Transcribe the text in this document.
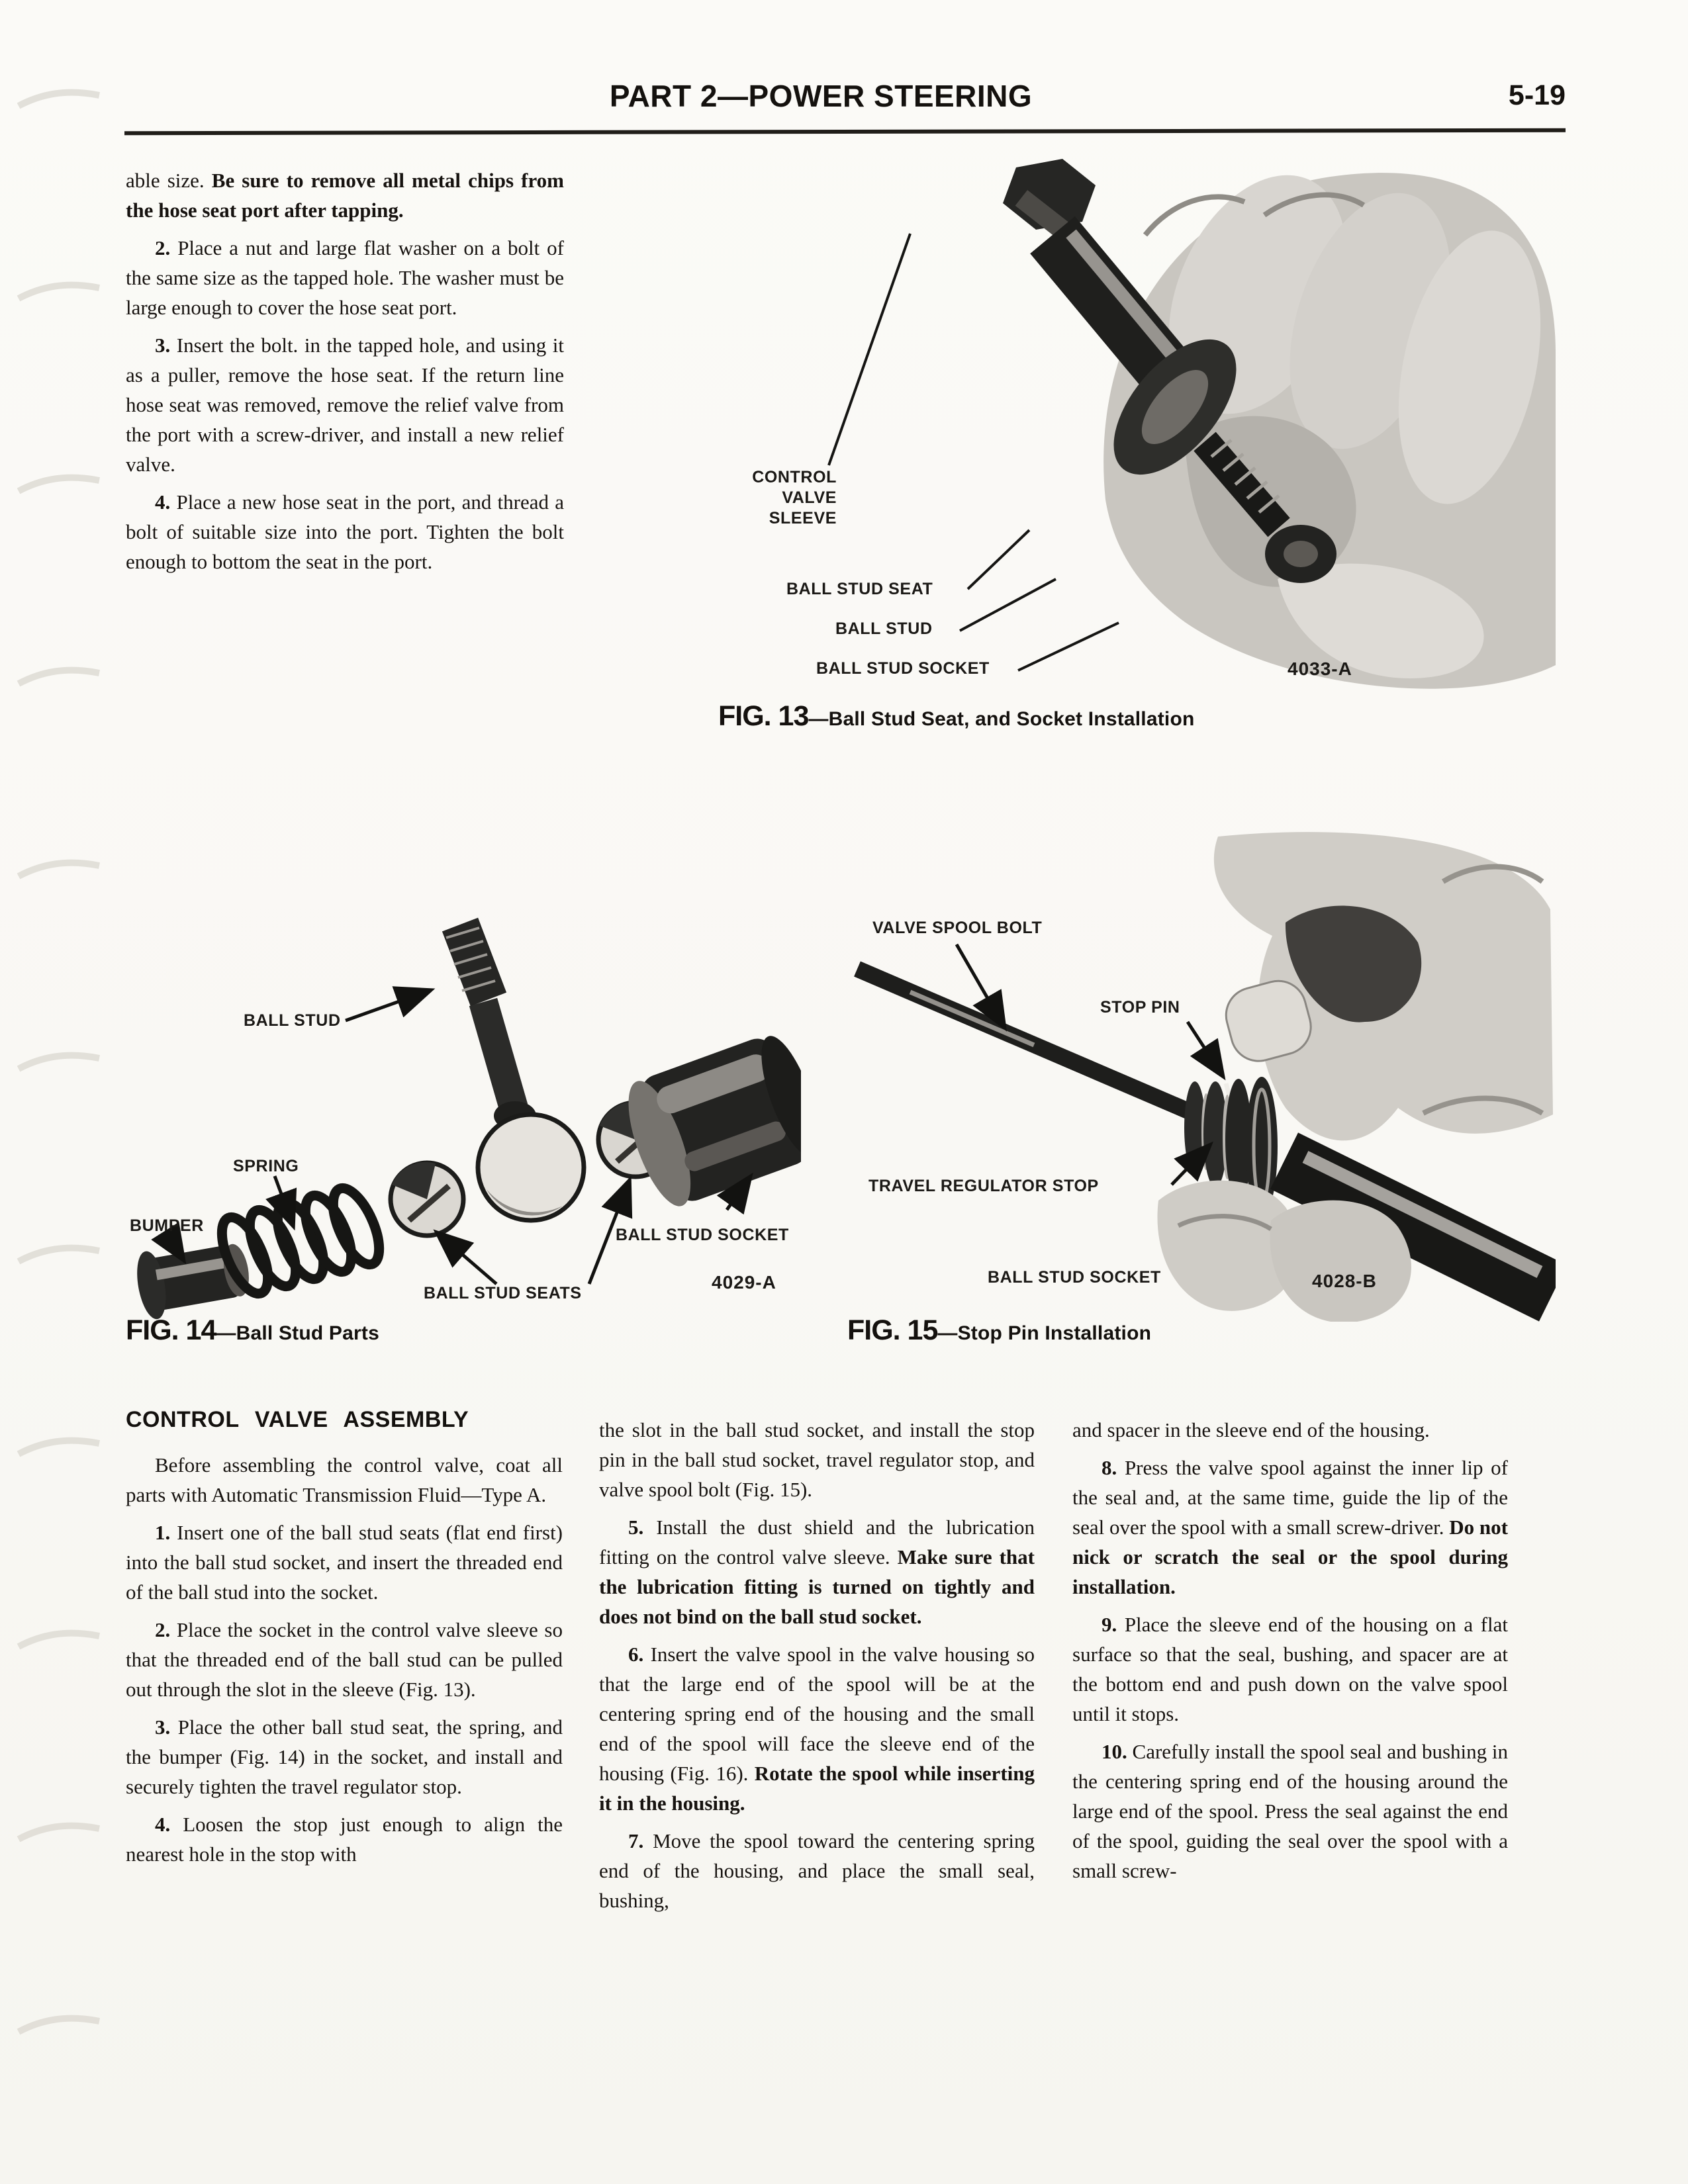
PART 2—POWER STEERING	5-19

able size. Be sure to remove all metal chips from the hose seat port after tapping.

2. Place a nut and large flat washer on a bolt of the same size as the tapped hole. The washer must be large enough to cover the hose seat port.

3. Insert the bolt. in the tapped hole, and using it as a puller, remove the hose seat. If the return line hose seat was removed, remove the relief valve from the port with a screw-driver, and install a new relief valve.

4. Place a new hose seat in the port, and thread a bolt of suitable size into the port. Tighten the bolt enough to bottom the seat in the port.

CONTROL VALVE SLEEVE
BALL STUD SEAT
BALL STUD
BALL STUD SOCKET	4033-A
FIG. 13—Ball Stud Seat, and Socket Installation
BALL STUD
SPRING
BUMPER
BALL STUD SEATS
BALL STUD SOCKET
4029-A
FIG. 14—Ball Stud Parts
VALVE SPOOL BOLT
STOP PIN
TRAVEL REGULATOR STOP
BALL STUD SOCKET	4028-B
FIG. 15—Stop Pin Installation
CONTROL VALVE ASSEMBLY

Before assembling the control valve, coat all parts with Automatic Transmission Fluid—Type A.

1. Insert one of the ball stud seats (flat end first) into the ball stud socket, and insert the threaded end of the ball stud into the socket.

2. Place the socket in the control valve sleeve so that the threaded end of the ball stud can be pulled out through the slot in the sleeve (Fig. 13).

3. Place the other ball stud seat, the spring, and the bumper (Fig. 14) in the socket, and install and securely tighten the travel regulator stop.

4. Loosen the stop just enough to align the nearest hole in the stop with

the slot in the ball stud socket, and install the stop pin in the ball stud socket, travel regulator stop, and valve spool bolt (Fig. 15).

5. Install the dust shield and the lubrication fitting on the control valve sleeve. Make sure that the lubrication fitting is turned on tightly and does not bind on the ball stud socket.

6. Insert the valve spool in the valve housing so that the large end of the spool will be at the centering spring end of the housing and the small end of the spool will face the sleeve end of the housing (Fig. 16). Rotate the spool while inserting it in the housing.

7. Move the spool toward the centering spring end of the housing, and place the small seal, bushing,

and spacer in the sleeve end of the housing.

8. Press the valve spool against the inner lip of the seal and, at the same time, guide the lip of the seal over the spool with a small screw-driver. Do not nick or scratch the seal or the spool during installation.

9. Place the sleeve end of the housing on a flat surface so that the seal, bushing, and spacer are at the bottom end and push down on the valve spool until it stops.

10. Carefully install the spool seal and bushing in the centering spring end of the housing around the large end of the spool. Press the seal against the end of the spool, guiding the seal over the spool with a small screw-
